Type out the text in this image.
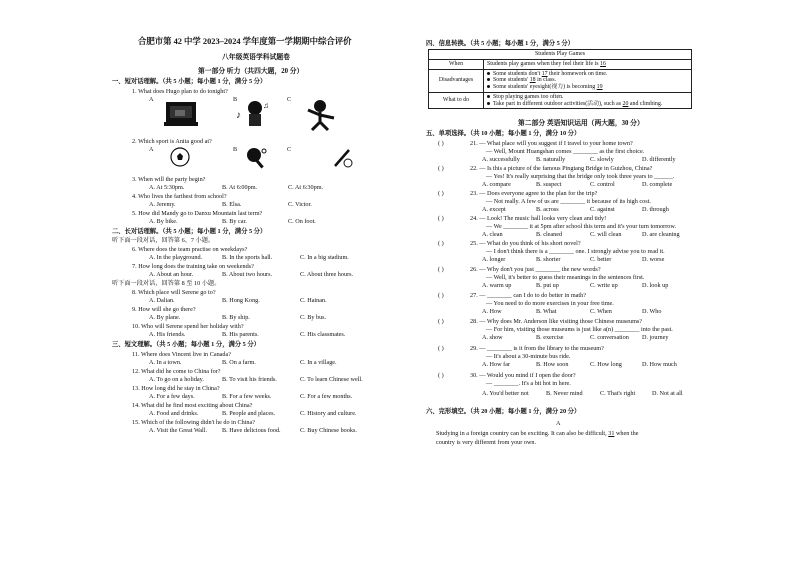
合肥市第 42 中学 2023–2024 学年度第一学期期中综合评价
八年级英语学科试题卷
第一部分 听力（共四大题，20 分）
一、短对话理解。（共 5 小题；每小题 1 分，满分 5 分）
1. What does Hugo plan to do tonight?
A	B	C
♪
♫
2. Which sport is Anita good at?
A	B	C
3. When will the party begin?
A. At 5:30pm.	B. At 6:00pm.	C. At 6:30pm.
4. Who lives the farthest from school?
A. Jeremy.	B. Elsa.	C. Victor.
5. How did Mandy go to Danxu Mountain last term?
A. By bike.	B. By car.	C. On foot.
二、长对话理解。（共 5 小题；每小题 1 分，满分 5 分）
听下面一段对话，回答第 6、7 小题。
6. Where does the team practise on weekdays?
A. In the playground.	B. In the sports hall.	C. In a big stadium.
7. How long does the training take on weekends?
A. About an hour.	B. About two hours.	C. About three hours.
听下面一段对话，回答第 8 至 10 小题。
8. Which place will Serene go to?
A. Dalian.	B. Hong Kong.	C. Hainan.
9. How will she go there?
A. By plane.	B. By ship.	C. By bus.
10. Who will Serene spend her holiday with?
A. His friends.	B. His parents.	C. His classmates.
三、短文理解。（共 5 小题；每小题 1 分，满分 5 分）
11. Where does Vincent live in Canada?
A. In a town.	B. On a farm.	C. In a village.
12. What did he come to China for?
A. To go on a holiday.	B. To visit his friends.	C. To learn Chinese well.
13. How long did he stay in China?
A. For a few days.	B. For a few weeks.	C. For a few months.
14. What did he find most exciting about China?
A. Food and drinks.	B. People and places.	C. History and culture.
15. Which of the following didn't he do in China?
A. Visit the Great Wall. B. Have delicious food.	C. Buy Chinese books.
四、信息转换。（共 5 小题；每小题 1 分，满分 5 分）
Students Play Games	
When	Students play games when they feel their life is 16
Disadvantages	Some students don't 17 their homework on time.
Some students' 18 in class.
Some students' eyesight(视力) is becoming 19

What to do	Stop playing games too often.
Take part in different outdoor activities(活动), such as 20 and climbing.
第二部分 英语知识运用（两大题，30 分）
五、单项选择。（共 10 小题；每小题 1 分，满分 10 分）
( )	21. — What place will you suggest if I travel to your home town?
— Well, Mount Huangshan comes ________ as the first choice.
A. successfully	B. naturally	C. slowly	D. differently
( )	22. — Is this a picture of the famous Pingtang Bridge in Guizhou, China?
— Yes! It's really surprising that the bridge only took three years to ______.
A. compare	B. suspect	C. control	D. complete
( )	23. — Does everyone agree to the plan for the trip?
— Not really. A few of us are ________ it because of its high cost.
A. except	B. across	C. against	D. through
( )	24. — Look! The music hall looks very clean and tidy!
— We ________ it at 5pm after school this term and it's your turn tomorrow.
A. clean	B. cleaned	C. will clean	D. are cleaning
( )	25. — What do you think of his short novel?
— I don't think there is a ________ one. I strongly advise you to read it.
A. longer	B. shorter	C. better	D. worse
( )	26. — Why don't you just ________ the new words?
— Well, it's better to guess their meanings in the sentences first.
A. warm up	B. put up	C. write up	D. look up
( )	27. — ________ can I do to do better in math?
— You need to do more exercises in your free time.
A. How	B. What	C. When	D. Who
( )	28. — Why does Mr. Anderson like visiting those Chinese museums?
— For him, visiting those museums is just like a(n) ________ into the past.
A. show	B. exercise	C. conversation D. journey
( )	29. — ________ is it from the library to the museum?
— It's about a 30-minute bus ride.
A. How far	B. How soon	C. How long	D. How much
( )	30. — Would you mind if I open the door?
— ________. It's a bit hot in here.
A. You'd better not	B. Never mind	C. That's right	D. Not at all
六、完形填空。（共 20 小题；每小题 1 分，满分 20 分）
A
Studying in a foreign country can be exciting. It can also be difficult, 31 when the
country is very different from your own.
